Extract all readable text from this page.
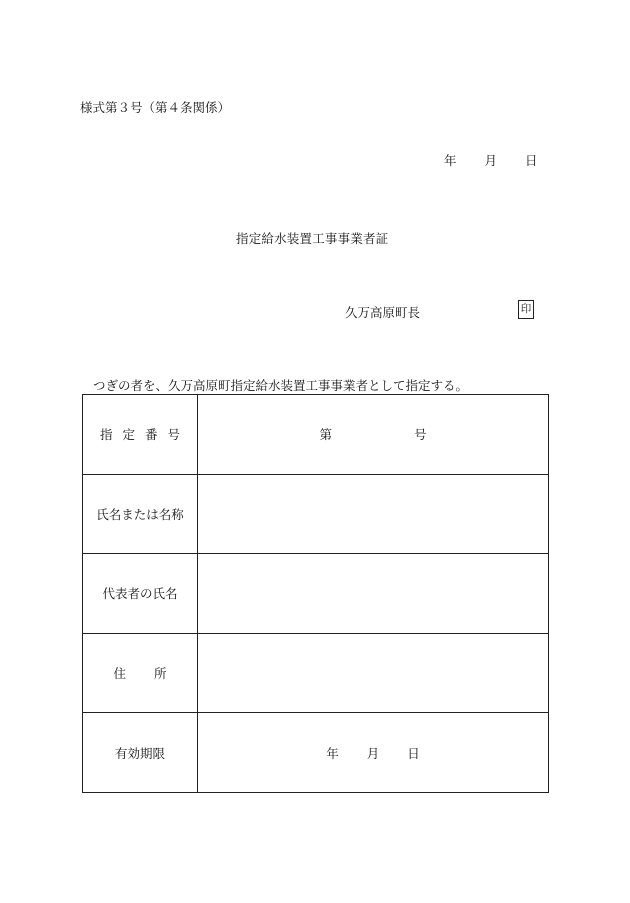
様式第３号（第４条関係）
年 月 日
指定給水装置工事事業者証
久万高原町長	印
つぎの者を、久万高原町指定給水装置工事事業者として指定する。
指定番号	第 号
氏名または名称	
代表者の氏名	
住 所	
有効期限	年 月 日
